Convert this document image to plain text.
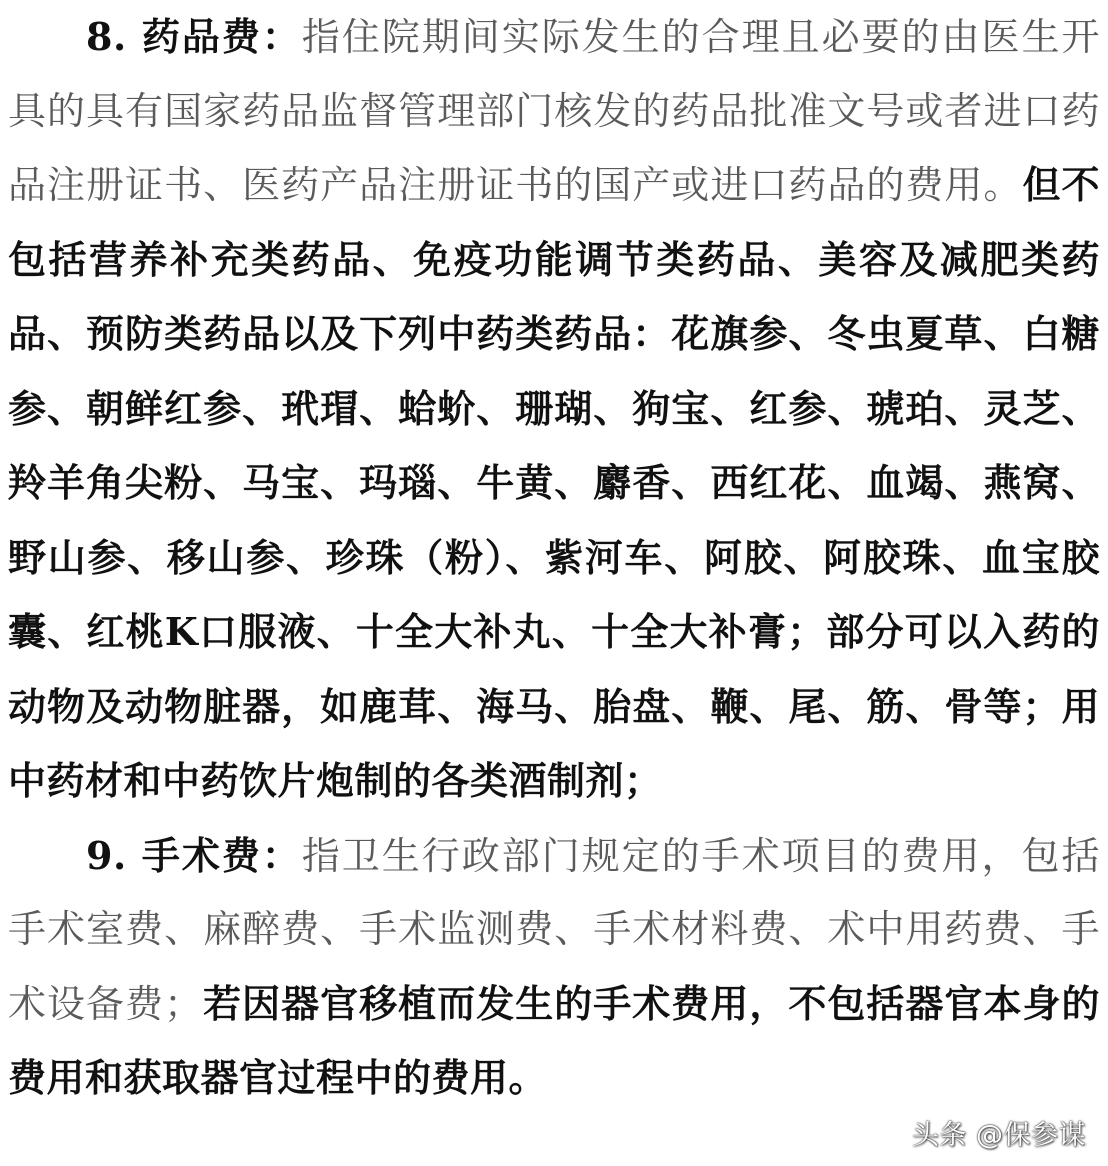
8. 药品费：指住院期间实际发生的合理且必要的由医生开具的具有国家药品监督管理部门核发的药品批准文号或者进口药品注册证书、医药产品注册证书的国产或进口药品的费用。但不包括营养补充类药品、免疫功能调节类药品、美容及减肥类药品、预防类药品以及下列中药类药品：花旗参、冬虫夏草、白糖参、朝鲜红参、玳瑁、蛤蚧、珊瑚、狗宝、红参、琥珀、灵芝、羚羊角尖粉、马宝、玛瑙、牛黄、麝香、西红花、血竭、燕窝、野山参、移山参、珍珠（粉）、紫河车、阿胶、阿胶珠、血宝胶囊、红桃K口服液、十全大补丸、十全大补膏；部分可以入药的动物及动物脏器，如鹿茸、海马、胎盘、鞭、尾、筋、骨等；用中药材和中药饮片炮制的各类酒制剂；

9. 手术费：指卫生行政部门规定的手术项目的费用，包括手术室费、麻醉费、手术监测费、手术材料费、术中用药费、手术设备费；若因器官移植而发生的手术费用，不包括器官本身的费用和获取器官过程中的费用。

头条 @保参谋
